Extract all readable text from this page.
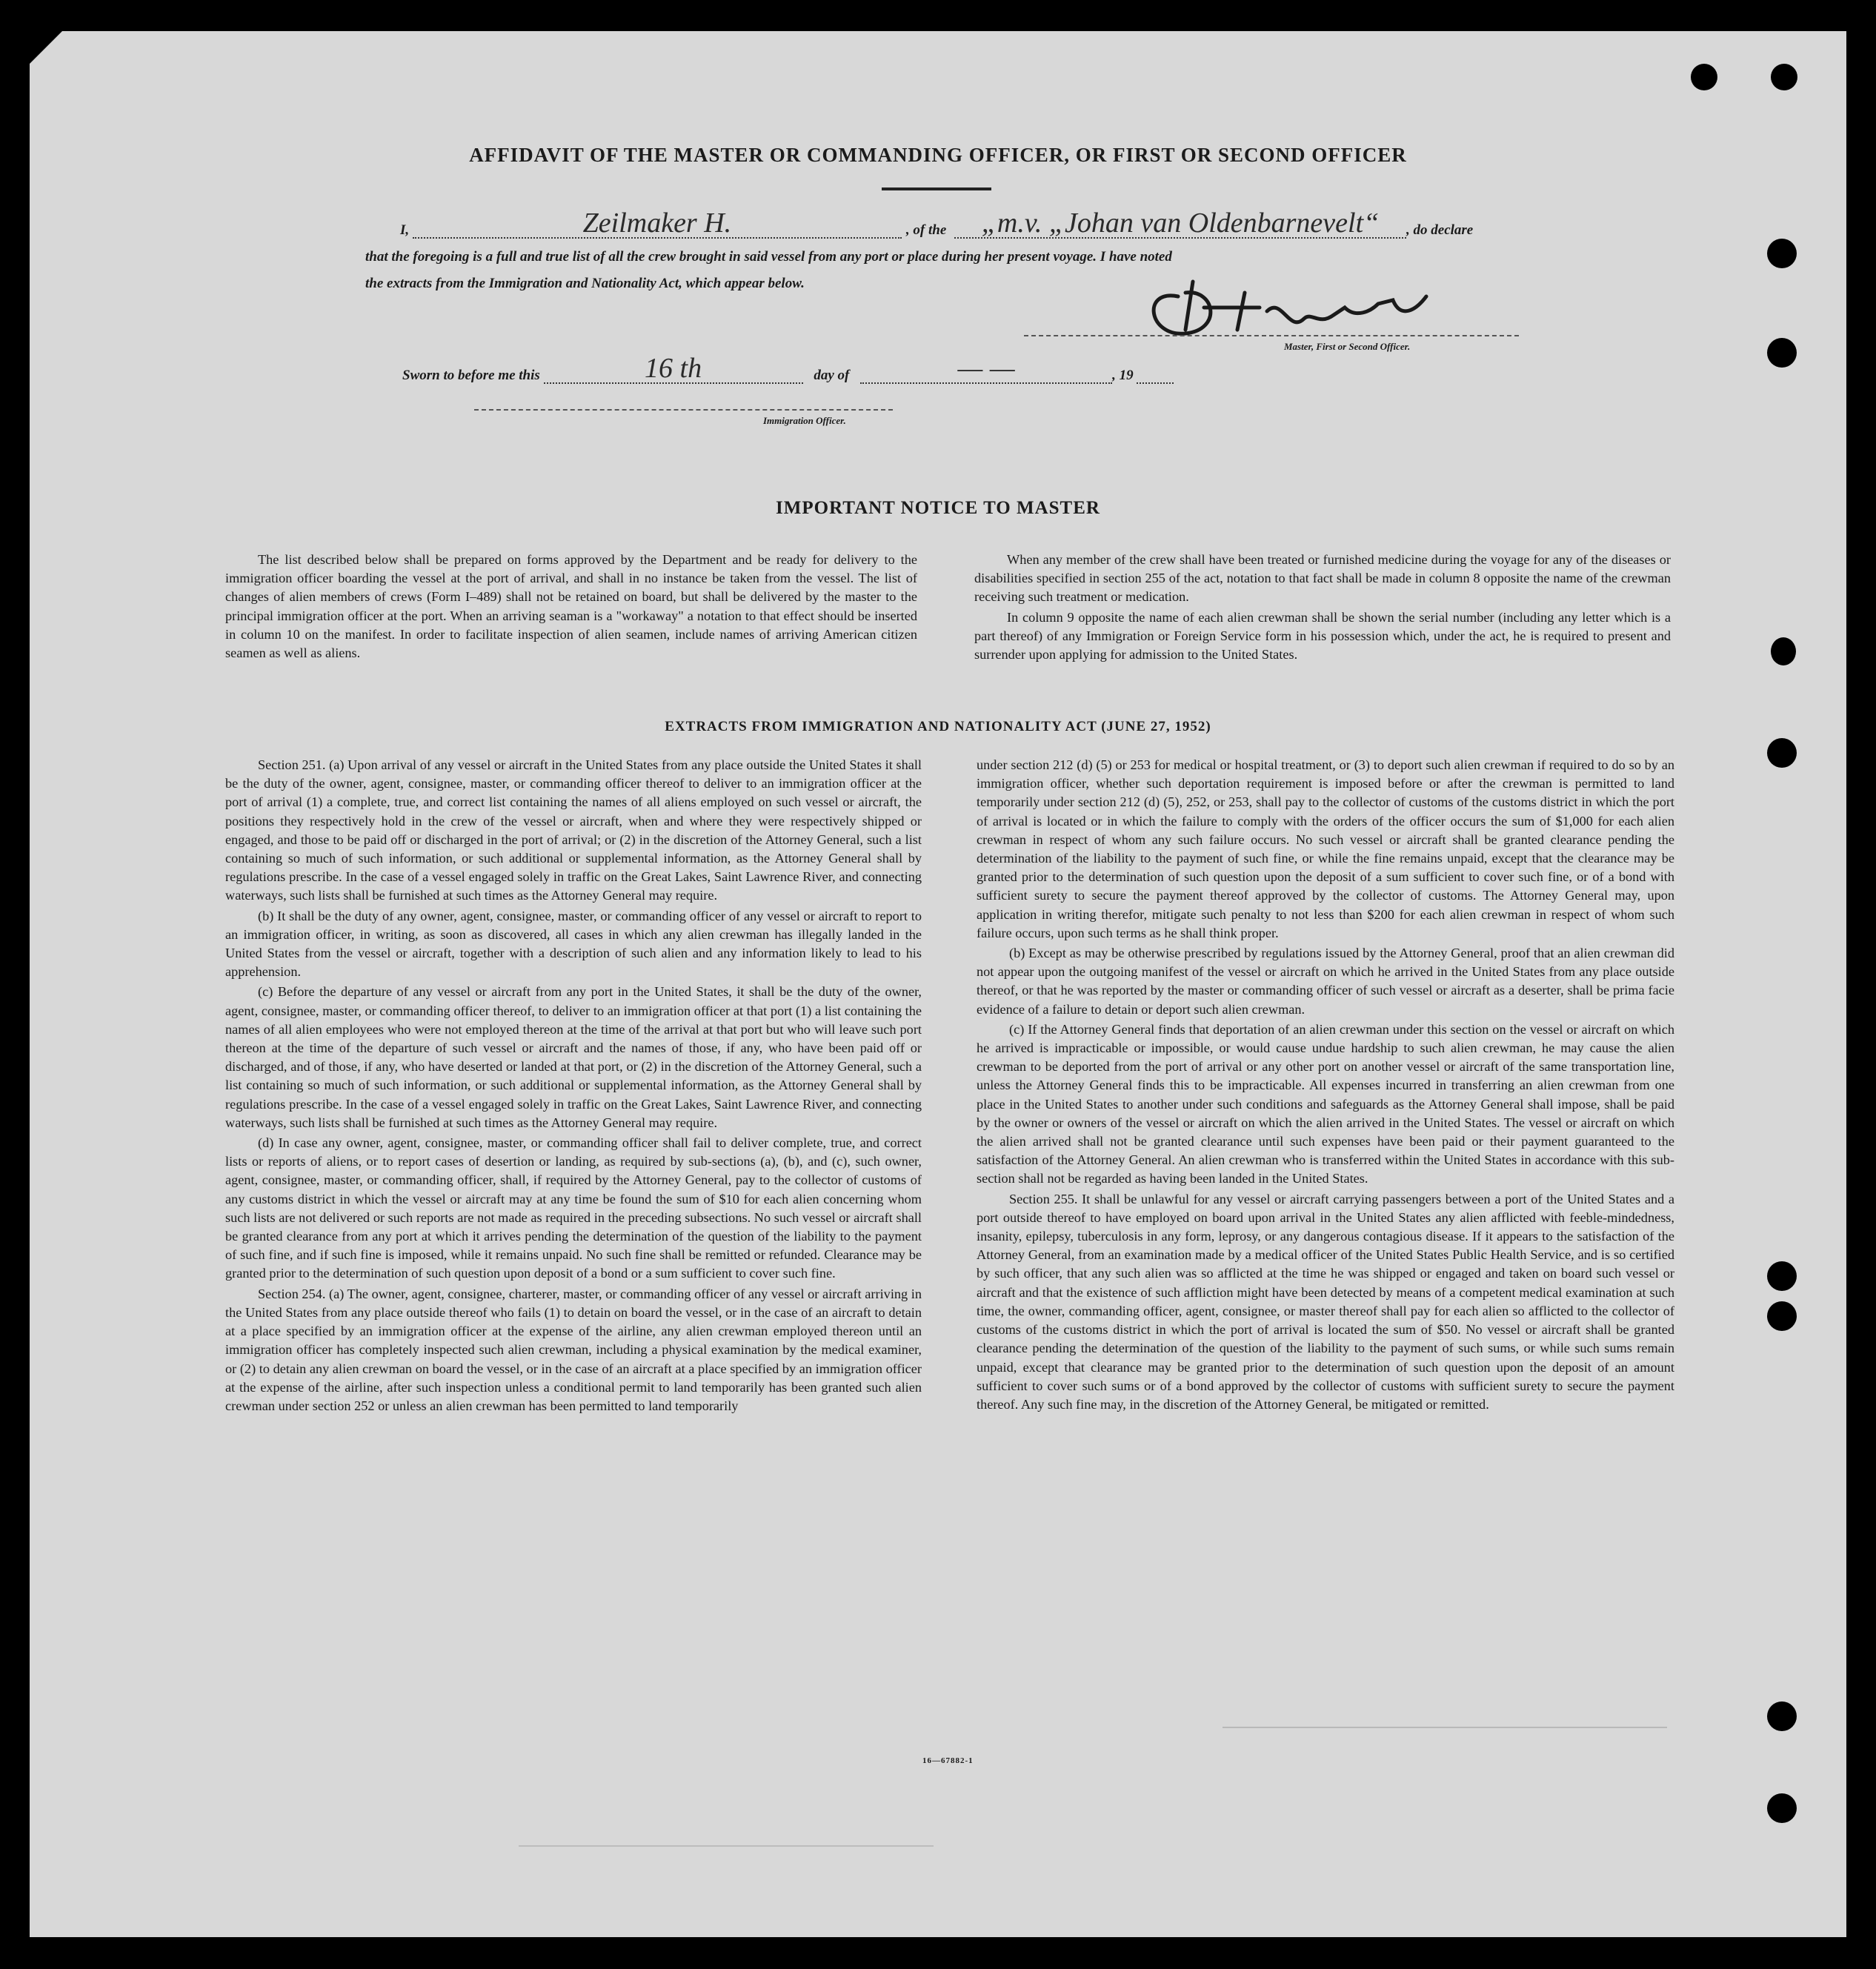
AFFIDAVIT OF THE MASTER OR COMMANDING OFFICER, OR FIRST OR SECOND OFFICER
I,	Zeilmaker H.	, of the „m.v. „Johan van Oldenbarnevelt“ , do declare
that the foregoing is a full and true list of all the crew brought in said vessel from any port or place during her present voyage. I have noted
the extracts from the Immigration and Nationality Act, which appear below.
HZeilmaker
Master, First or Second Officer.
Sworn to before me this	16 th	day of	— —	, 19
Immigration Officer.
IMPORTANT NOTICE TO MASTER

The list described below shall be prepared on forms approved by the Department and be ready for delivery to the immigration officer boarding the vessel at the port of arrival, and shall in no instance be taken from the vessel. The list of changes of alien members of crews (Form I–489) shall not be retained on board, but shall be delivered by the master to the principal immigration officer at the port. When an arriving seaman is a "workaway" a notation to that effect should be inserted in column 10 on the manifest. In order to facilitate inspection of alien seamen, include names of arriving American citizen seamen as well as aliens.

When any member of the crew shall have been treated or furnished medicine during the voyage for any of the diseases or disabilities specified in section 255 of the act, notation to that fact shall be made in column 8 opposite the name of the crewman receiving such treatment or medication.

In column 9 opposite the name of each alien crewman shall be shown the serial number (including any letter which is a part thereof) of any Immigration or Foreign Service form in his possession which, under the act, he is required to present and surrender upon applying for admission to the United States.

EXTRACTS FROM IMMIGRATION AND NATIONALITY ACT (JUNE 27, 1952)

Section 251. (a) Upon arrival of any vessel or aircraft in the United States from any place outside the United States it shall be the duty of the owner, agent, consignee, master, or commanding officer thereof to deliver to an immigration officer at the port of arrival (1) a complete, true, and correct list containing the names of all aliens employed on such vessel or aircraft, the positions they respectively hold in the crew of the vessel or aircraft, when and where they were respectively shipped or engaged, and those to be paid off or discharged in the port of arrival; or (2) in the discretion of the Attorney General, such a list containing so much of such information, or such additional or supplemental information, as the Attorney General shall by regulations prescribe. In the case of a vessel engaged solely in traffic on the Great Lakes, Saint Lawrence River, and connecting waterways, such lists shall be furnished at such times as the Attorney General may require.

(b) It shall be the duty of any owner, agent, consignee, master, or commanding officer of any vessel or aircraft to report to an immigration officer, in writing, as soon as discovered, all cases in which any alien crewman has illegally landed in the United States from the vessel or aircraft, together with a description of such alien and any information likely to lead to his apprehension.

(c) Before the departure of any vessel or aircraft from any port in the United States, it shall be the duty of the owner, agent, consignee, master, or commanding officer thereof, to deliver to an immigration officer at that port (1) a list containing the names of all alien employees who were not employed thereon at the time of the arrival at that port but who will leave such port thereon at the time of the departure of such vessel or aircraft and the names of those, if any, who have been paid off or discharged, and of those, if any, who have deserted or landed at that port, or (2) in the discretion of the Attorney General, such a list containing so much of such information, or such additional or supplemental information, as the Attorney General shall by regulations prescribe. In the case of a vessel engaged solely in traffic on the Great Lakes, Saint Lawrence River, and connecting waterways, such lists shall be furnished at such times as the Attorney General may require.

(d) In case any owner, agent, consignee, master, or commanding officer shall fail to deliver complete, true, and correct lists or reports of aliens, or to report cases of desertion or landing, as required by sub-sections (a), (b), and (c), such owner, agent, consignee, master, or commanding officer, shall, if required by the Attorney General, pay to the collector of customs of any customs district in which the vessel or aircraft may at any time be found the sum of $10 for each alien concerning whom such lists are not delivered or such reports are not made as required in the preceding subsections. No such vessel or aircraft shall be granted clearance from any port at which it arrives pending the determination of the question of the liability to the payment of such fine, and if such fine is imposed, while it remains unpaid. No such fine shall be remitted or refunded. Clearance may be granted prior to the determination of such question upon deposit of a bond or a sum sufficient to cover such fine.

Section 254. (a) The owner, agent, consignee, charterer, master, or commanding officer of any vessel or aircraft arriving in the United States from any place outside thereof who fails (1) to detain on board the vessel, or in the case of an aircraft to detain at a place specified by an immigration officer at the expense of the airline, any alien crewman employed thereon until an immigration officer has completely inspected such alien crewman, including a physical examination by the medical examiner, or (2) to detain any alien crewman on board the vessel, or in the case of an aircraft at a place specified by an immigration officer at the expense of the airline, after such inspection unless a conditional permit to land temporarily has been granted such alien crewman under section 252 or unless an alien crewman has been permitted to land temporarily

under section 212 (d) (5) or 253 for medical or hospital treatment, or (3) to deport such alien crewman if required to do so by an immigration officer, whether such deportation requirement is imposed before or after the crewman is permitted to land temporarily under section 212 (d) (5), 252, or 253, shall pay to the collector of customs of the customs district in which the port of arrival is located or in which the failure to comply with the orders of the officer occurs the sum of $1,000 for each alien crewman in respect of whom any such failure occurs. No such vessel or aircraft shall be granted clearance pending the determination of the liability to the payment of such fine, or while the fine remains unpaid, except that the clearance may be granted prior to the determination of such question upon the deposit of a sum sufficient to cover such fine, or of a bond with sufficient surety to secure the payment thereof approved by the collector of customs. The Attorney General may, upon application in writing therefor, mitigate such penalty to not less than $200 for each alien crewman in respect of whom such failure occurs, upon such terms as he shall think proper.

(b) Except as may be otherwise prescribed by regulations issued by the Attorney General, proof that an alien crewman did not appear upon the outgoing manifest of the vessel or aircraft on which he arrived in the United States from any place outside thereof, or that he was reported by the master or commanding officer of such vessel or aircraft as a deserter, shall be prima facie evidence of a failure to detain or deport such alien crewman.

(c) If the Attorney General finds that deportation of an alien crewman under this section on the vessel or aircraft on which he arrived is impracticable or impossible, or would cause undue hardship to such alien crewman, he may cause the alien crewman to be deported from the port of arrival or any other port on another vessel or aircraft of the same transportation line, unless the Attorney General finds this to be impracticable. All expenses incurred in transferring an alien crewman from one place in the United States to another under such conditions and safeguards as the Attorney General shall impose, shall be paid by the owner or owners of the vessel or aircraft on which the alien arrived in the United States. The vessel or aircraft on which the alien arrived shall not be granted clearance until such expenses have been paid or their payment guaranteed to the satisfaction of the Attorney General. An alien crewman who is transferred within the United States in accordance with this sub-section shall not be regarded as having been landed in the United States.

Section 255. It shall be unlawful for any vessel or aircraft carrying passengers between a port of the United States and a port outside thereof to have employed on board upon arrival in the United States any alien afflicted with feeble-mindedness, insanity, epilepsy, tuberculosis in any form, leprosy, or any dangerous contagious disease. If it appears to the satisfaction of the Attorney General, from an examination made by a medical officer of the United States Public Health Service, and is so certified by such officer, that any such alien was so afflicted at the time he was shipped or engaged and taken on board such vessel or aircraft and that the existence of such affliction might have been detected by means of a competent medical examination at such time, the owner, commanding officer, agent, consignee, or master thereof shall pay for each alien so afflicted to the collector of customs of the customs district in which the port of arrival is located the sum of $50. No vessel or aircraft shall be granted clearance pending the determination of the question of the liability to the payment of such sums, or while such sums remain unpaid, except that clearance may be granted prior to the determination of such question upon the deposit of an amount sufficient to cover such sums or of a bond approved by the collector of customs with sufficient surety to secure the payment thereof. Any such fine may, in the discretion of the Attorney General, be mitigated or remitted.

16—67882-1
